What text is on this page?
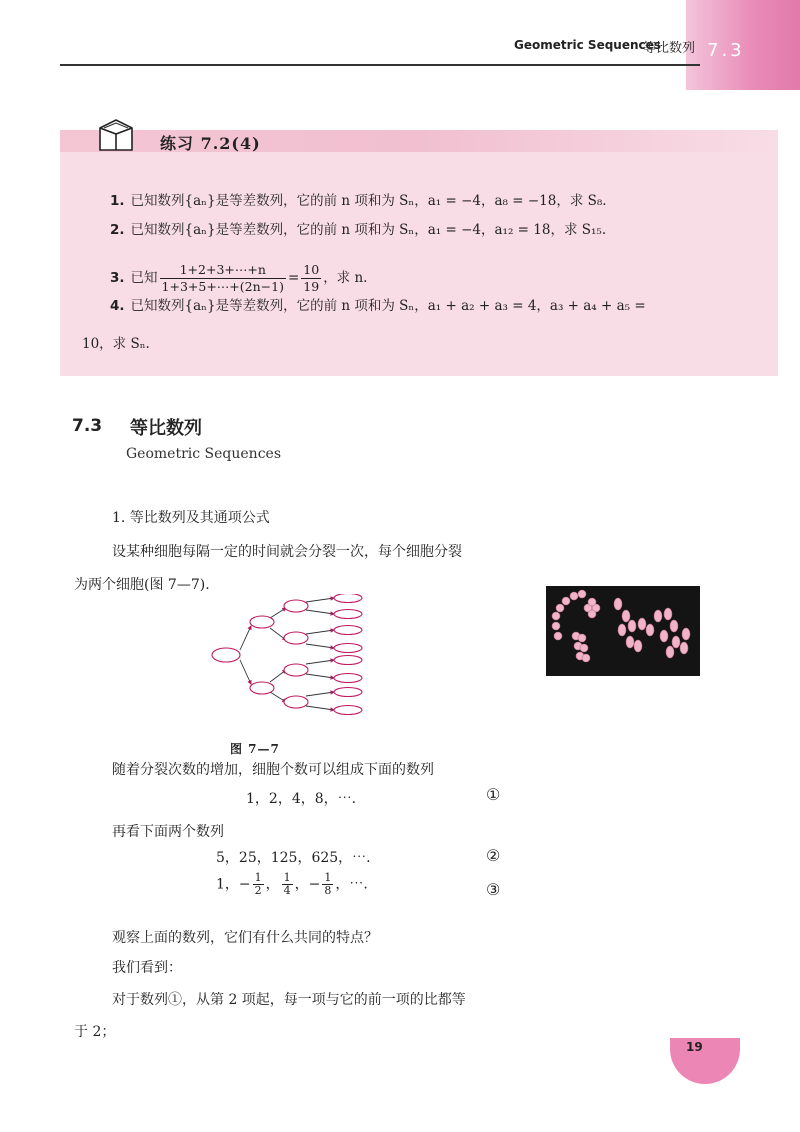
Geometric Sequences
等比数列 7.3
练习 7.2(4)
1. 已知数列{aₙ}是等差数列，它的前 n 项和为 Sₙ，a₁ = −4，a₈ = −18，求 S₈.
2. 已知数列{aₙ}是等差数列，它的前 n 项和为 Sₙ，a₁ = −4，a₁₂ = 18，求 S₁₅.
3. 已知 $\frac{1+2+3+\cdots+n}{1+3+5+\cdots+(2n-1)} = \frac{10}{19}$ ，求 n.
4. 已知数列{aₙ}是等差数列，它的前 n 项和为 Sₙ，a₁ + a₂ + a₃ = 4，a₃ + a₄ + a₅ =
10，求 Sₙ.
7.3 等比数列
Geometric Sequences
1. 等比数列及其通项公式
设某种细胞每隔一定的时间就会分裂一次，每个细胞分裂
为两个细胞(图 7—7).
图 7—7
随着分裂次数的增加，细胞个数可以组成下面的数列
1，2，4，8，⋯.	①
再看下面两个数列
5，25，125，625，⋯.	②
1，− $\frac{1}{2}$ ， $\frac{1}{4}$ ，− $\frac{1}{8}$ ，⋯.	③
观察上面的数列，它们有什么共同的特点？
我们看到：
对于数列①，从第 2 项起，每一项与它的前一项的比都等
于 2；
19
